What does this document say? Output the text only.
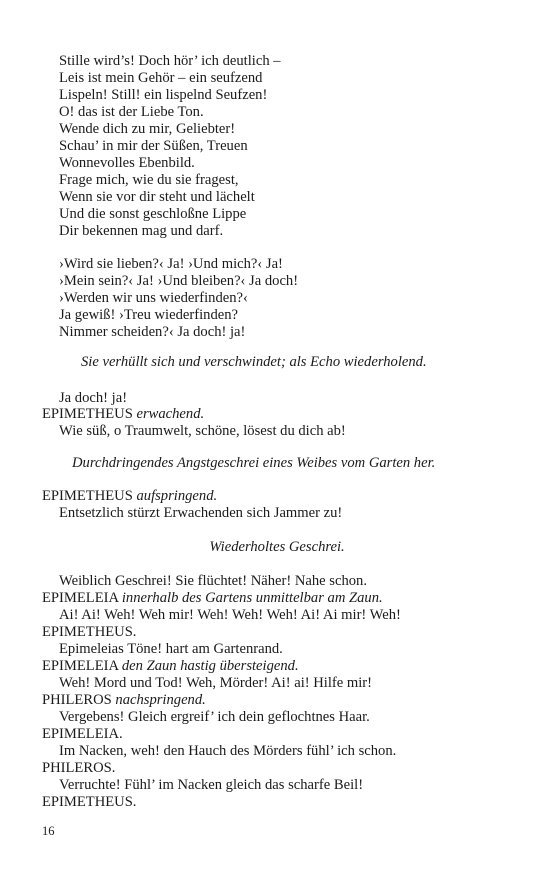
Stille wird’s! Doch hör’ ich deutlich –
Leis ist mein Gehör – ein seufzend
Lispeln! Still! ein lispelnd Seufzen!
O! das ist der Liebe Ton.
Wende dich zu mir, Geliebter!
Schau’ in mir der Süßen, Treuen
Wonnevolles Ebenbild.
Frage mich, wie du sie fragest,
Wenn sie vor dir steht und lächelt
Und die sonst geschloßne Lippe
Dir bekennen mag und darf.
›Wird sie lieben?‹ Ja! ›Und mich?‹ Ja!
›Mein sein?‹ Ja! ›Und bleiben?‹ Ja doch!
›Werden wir uns wiederfinden?‹
Ja gewiß! ›Treu wiederfinden?
Nimmer scheiden?‹ Ja doch! ja!
Sie verhüllt sich und verschwindet; als Echo wiederholend.
Ja doch! ja!
EPIMETHEUS erwachend.
Wie süß, o Traumwelt, schöne, lösest du dich ab!
Durchdringendes Angstgeschrei eines Weibes vom Garten her.
EPIMETHEUS aufspringend.
Entsetzlich stürzt Erwachenden sich Jammer zu!
Wiederholtes Geschrei.
Weiblich Geschrei! Sie flüchtet! Näher! Nahe schon.
EPIMELEIA innerhalb des Gartens unmittelbar am Zaun.
Ai! Ai! Weh! Weh mir! Weh! Weh! Weh! Ai! Ai mir! Weh!
EPIMETHEUS.
Epimeleias Töne! hart am Gartenrand.
EPIMELEIA den Zaun hastig übersteigend.
Weh! Mord und Tod! Weh, Mörder! Ai! ai! Hilfe mir!
PHILEROS nachspringend.
Vergebens! Gleich ergreif’ ich dein geflochtnes Haar.
EPIMELEIA.
Im Nacken, weh! den Hauch des Mörders fühl’ ich schon.
PHILEROS.
Verruchte! Fühl’ im Nacken gleich das scharfe Beil!
EPIMETHEUS.
16
